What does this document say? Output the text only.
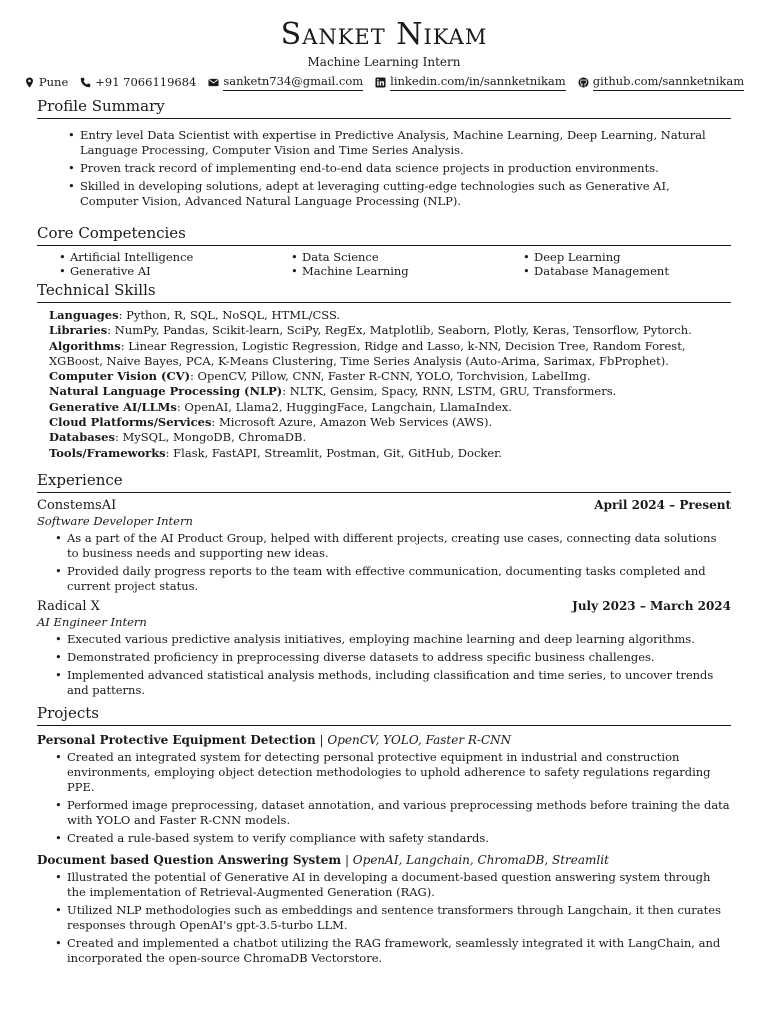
Sanket Nikam
Machine Learning Intern
Pune +91 7066119684 sanketn734@gmail.com linkedin.com/in/sannketnikam github.com/sannketnikam
Profile Summary
• Entry level Data Scientist with expertise in Predictive Analysis, Machine Learning, Deep Learning, Natural Language Processing, Computer Vision and Time Series Analysis.
• Proven track record of implementing end-to-end data science projects in production environments.
• Skilled in developing solutions, adept at leveraging cutting-edge technologies such as Generative AI, Computer Vision, Advanced Natural Language Processing (NLP).
Core Competencies
• Artificial Intelligence
• Generative AI
• Data Science
• Machine Learning
• Deep Learning
• Database Management
Technical Skills
Languages: Python, R, SQL, NoSQL, HTML/CSS.
Libraries: NumPy, Pandas, Scikit-learn, SciPy, RegEx, Matplotlib, Seaborn, Plotly, Keras, Tensorflow, Pytorch.
Algorithms: Linear Regression, Logistic Regression, Ridge and Lasso, k-NN, Decision Tree, Random Forest, XGBoost, Naive Bayes, PCA, K-Means Clustering, Time Series Analysis (Auto-Arima, Sarimax, FbProphet).
Computer Vision (CV): OpenCV, Pillow, CNN, Faster R-CNN, YOLO, Torchvision, LabelImg.
Natural Language Processing (NLP): NLTK, Gensim, Spacy, RNN, LSTM, GRU, Transformers.
Generative AI/LLMs: OpenAI, Llama2, HuggingFace, Langchain, LlamaIndex.
Cloud Platforms/Services: Microsoft Azure, Amazon Web Services (AWS).
Databases: MySQL, MongoDB, ChromaDB.
Tools/Frameworks: Flask, FastAPI, Streamlit, Postman, Git, GitHub, Docker.
Experience
ConstemsAI	April 2024 – Present
Software Developer Intern
• As a part of the AI Product Group, helped with different projects, creating use cases, connecting data solutions to business needs and supporting new ideas.
• Provided daily progress reports to the team with effective communication, documenting tasks completed and current project status.
Radical X	July 2023 – March 2024
AI Engineer Intern
• Executed various predictive analysis initiatives, employing machine learning and deep learning algorithms.
• Demonstrated proficiency in preprocessing diverse datasets to address specific business challenges.
• Implemented advanced statistical analysis methods, including classification and time series, to uncover trends and patterns.
Projects
Personal Protective Equipment Detection | OpenCV, YOLO, Faster R-CNN
• Created an integrated system for detecting personal protective equipment in industrial and construction environments, employing object detection methodologies to uphold adherence to safety regulations regarding PPE.
• Performed image preprocessing, dataset annotation, and various preprocessing methods before training the data with YOLO and Faster R-CNN models.
• Created a rule-based system to verify compliance with safety standards.
Document based Question Answering System | OpenAI, Langchain, ChromaDB, Streamlit
• Illustrated the potential of Generative AI in developing a document-based question answering system through the implementation of Retrieval-Augmented Generation (RAG).
• Utilized NLP methodologies such as embeddings and sentence transformers through Langchain, it then curates responses through OpenAI's gpt-3.5-turbo LLM.
• Created and implemented a chatbot utilizing the RAG framework, seamlessly integrated it with LangChain, and incorporated the open-source ChromaDB Vectorstore.
